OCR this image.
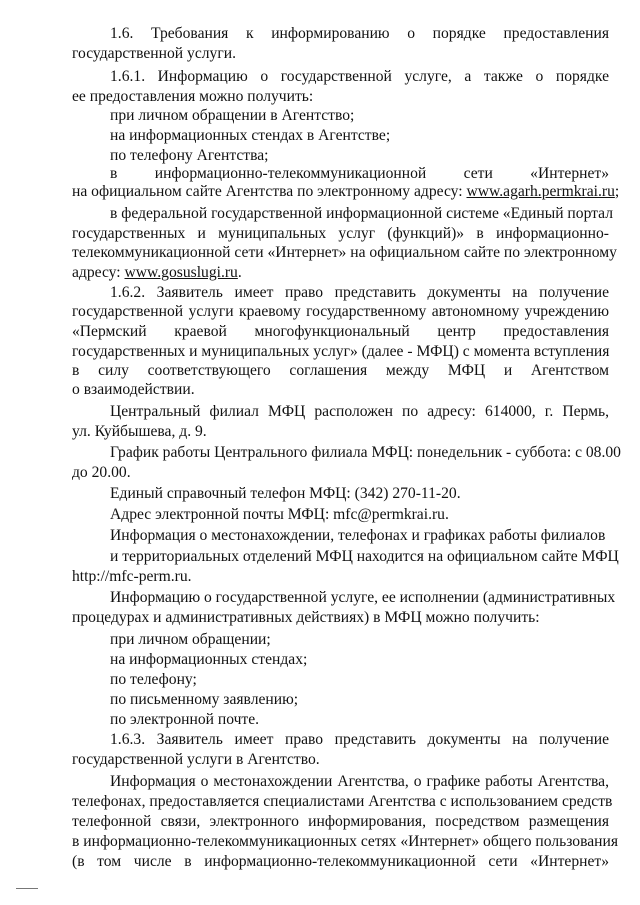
1.6. Требования к информированию о порядке предоставления
государственной услуги.
1.6.1. Информацию о государственной услуге, а также о порядке
ее предоставления можно получить:
при личном обращении в Агентство;
на информационных стендах в Агентстве;
по телефону Агентства;
в информационно-телекоммуникационной сети «Интернет»
на официальном сайте Агентства по электронному адресу: www.agarh.permkrai.ru;
в федеральной государственной информационной системе «Единый портал
государственных и муниципальных услуг (функций)» в информационно-
телекоммуникационной сети «Интернет» на официальном сайте по электронному
адресу: www.gosuslugi.ru.
1.6.2. Заявитель имеет право представить документы на получение
государственной услуги краевому государственному автономному учреждению
«Пермский краевой многофункциональный центр предоставления
государственных и муниципальных услуг» (далее - МФЦ) с момента вступления
в силу соответствующего соглашения между МФЦ и Агентством
о взаимодействии.
Центральный филиал МФЦ расположен по адресу: 614000, г. Пермь,
ул. Куйбышева, д. 9.
График работы Центрального филиала МФЦ: понедельник - суббота: с 08.00
до 20.00.
Единый справочный телефон МФЦ: (342) 270-11-20.
Адрес электронной почты МФЦ: mfc@permkrai.ru.
Информация о местонахождении, телефонах и графиках работы филиалов
и территориальных отделений МФЦ находится на официальном сайте МФЦ
http://mfc-perm.ru.
Информацию о государственной услуге, ее исполнении (административных
процедурах и административных действиях) в МФЦ можно получить:
при личном обращении;
на информационных стендах;
по телефону;
по письменному заявлению;
по электронной почте.
1.6.3. Заявитель имеет право представить документы на получение
государственной услуги в Агентство.
Информация о местонахождении Агентства, о графике работы Агентства,
телефонах, предоставляется специалистами Агентства с использованием средств
телефонной связи, электронного информирования, посредством размещения
в информационно-телекоммуникационных сетях «Интернет» общего пользования
(в том числе в информационно-телекоммуникационной сети «Интернет»
